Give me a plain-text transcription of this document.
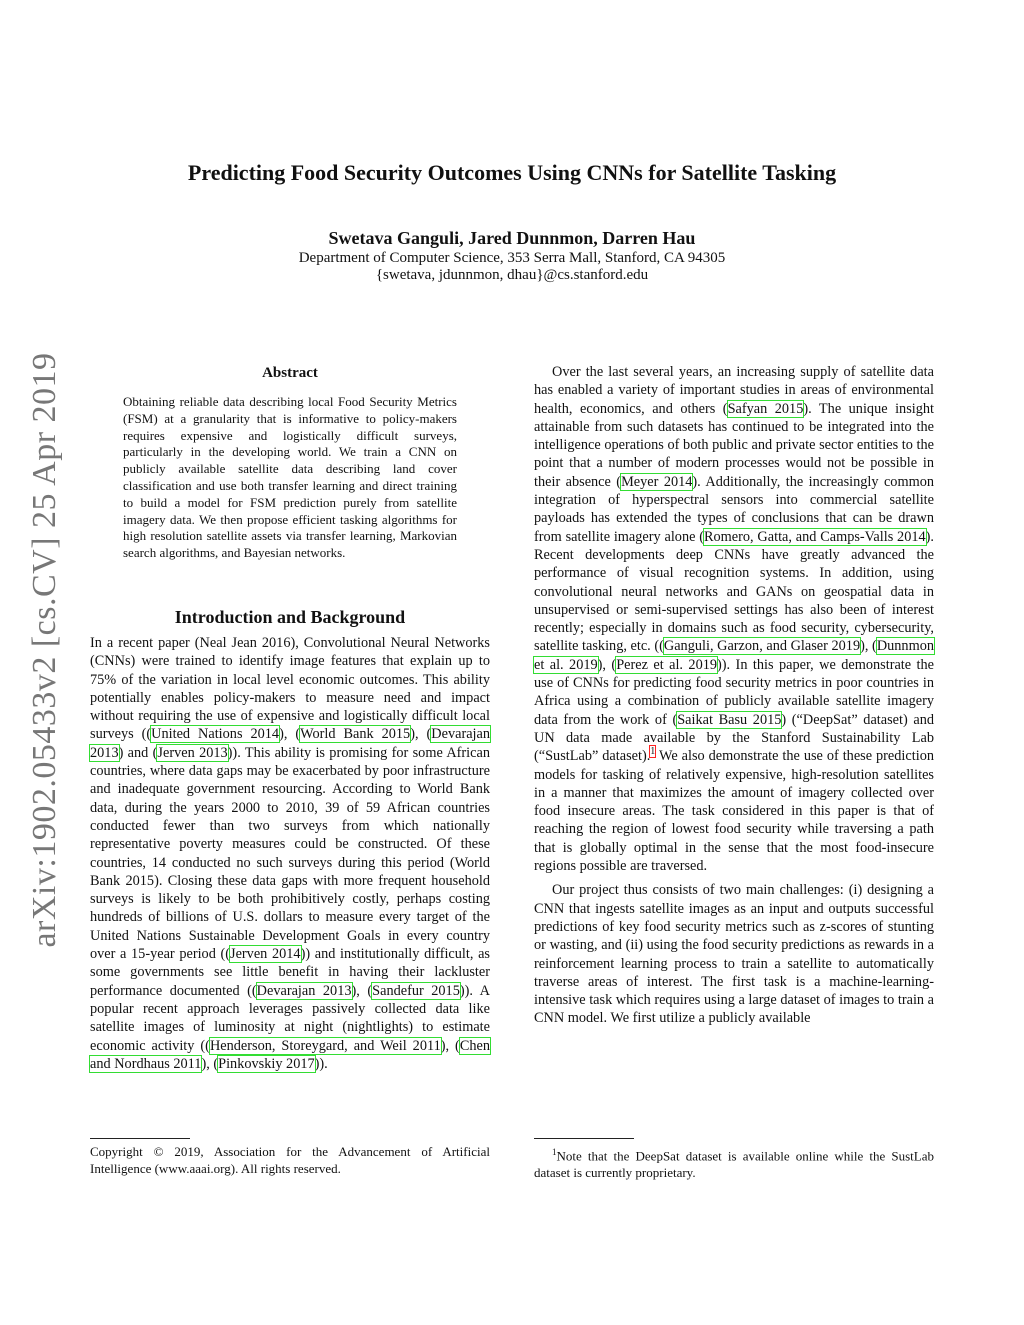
arXiv:1902.05433v2 [cs.CV] 25 Apr 2019
Predicting Food Security Outcomes Using CNNs for Satellite Tasking
Swetava Ganguli, Jared Dunnmon, Darren Hau
Department of Computer Science, 353 Serra Mall, Stanford, CA 94305
{swetava, jdunnmon, dhau}@cs.stanford.edu
Abstract
Obtaining reliable data describing local Food Security Metrics (FSM) at a granularity that is informative to policy-makers requires expensive and logistically difficult surveys, particularly in the developing world. We train a CNN on publicly available satellite data describing land cover classification and use both transfer learning and direct training to build a model for FSM prediction purely from satellite imagery data. We then propose efficient tasking algorithms for high resolution satellite assets via transfer learning, Markovian search algorithms, and Bayesian networks.
Introduction and Background

In a recent paper (Neal Jean 2016), Convolutional Neural Networks (CNNs) were trained to identify image features that explain up to 75% of the variation in local level economic outcomes. This ability potentially enables policy-makers to measure need and impact without requiring the use of expensive and logistically difficult local surveys ((United Nations 2014), (World Bank 2015), (Devarajan 2013) and (Jerven 2013)). This ability is promising for some African countries, where data gaps may be exacerbated by poor infrastructure and inadequate government resourcing. According to World Bank data, during the years 2000 to 2010, 39 of 59 African countries conducted fewer than two surveys from which nationally representative poverty measures could be constructed. Of these countries, 14 conducted no such surveys during this period (World Bank 2015). Closing these data gaps with more frequent household surveys is likely to be both prohibitively costly, perhaps costing hundreds of billions of U.S. dollars to measure every target of the United Nations Sustainable Development Goals in every country over a 15-year period ((Jerven 2014)) and institutionally difficult, as some governments see little benefit in having their lackluster performance documented ((Devarajan 2013), (Sandefur 2015)). A popular recent approach leverages passively collected data like satellite images of luminosity at night (nightlights) to estimate economic activity ((Henderson, Storeygard, and Weil 2011), (Chen and Nordhaus 2011), (Pinkovskiy 2017)).

Over the last several years, an increasing supply of satellite data has enabled a variety of important studies in areas of environmental health, economics, and others (Safyan 2015). The unique insight attainable from such datasets has continued to be integrated into the intelligence operations of both public and private sector entities to the point that a number of modern processes would not be possible in their absence (Meyer 2014). Additionally, the increasingly common integration of hyperspectral sensors into commercial satellite payloads has extended the types of conclusions that can be drawn from satellite imagery alone (Romero, Gatta, and Camps-Valls 2014). Recent developments deep CNNs have greatly advanced the performance of visual recognition systems. In addition, using convolutional neural networks and GANs on geospatial data in unsupervised or semi-supervised settings has also been of interest recently; especially in domains such as food security, cybersecurity, satellite tasking, etc. ((Ganguli, Garzon, and Glaser 2019), (Dunnmon et al. 2019), (Perez et al. 2019)). In this paper, we demonstrate the use of CNNs for predicting food security metrics in poor countries in Africa using a combination of publicly available satellite imagery data from the work of (Saikat Basu 2015) (“DeepSat” dataset) and UN data made available by the Stanford Sustainability Lab (“SustLab” dataset).$^1$ We also demonstrate the use of these prediction models for tasking of relatively expensive, high-resolution satellites in a manner that maximizes the amount of imagery collected over food insecure areas. The task considered in this paper is that of reaching the region of lowest food security while traversing a path that is globally optimal in the sense that the most food-insecure regions possible are traversed.

Our project thus consists of two main challenges: (i) designing a CNN that ingests satellite images as an input and outputs successful predictions of key food security metrics such as z-scores of stunting or wasting, and (ii) using the food security predictions as rewards in a reinforcement learning process to train a satellite to automatically traverse areas of interest. The first task is a machine-learning-intensive task which requires using a large dataset of images to train a CNN model. We first utilize a publicly available

Copyright © 2019, Association for the Advancement of Artificial Intelligence (www.aaai.org). All rights reserved.
$^1$Note that the DeepSat dataset is available online while the SustLab dataset is currently proprietary.
